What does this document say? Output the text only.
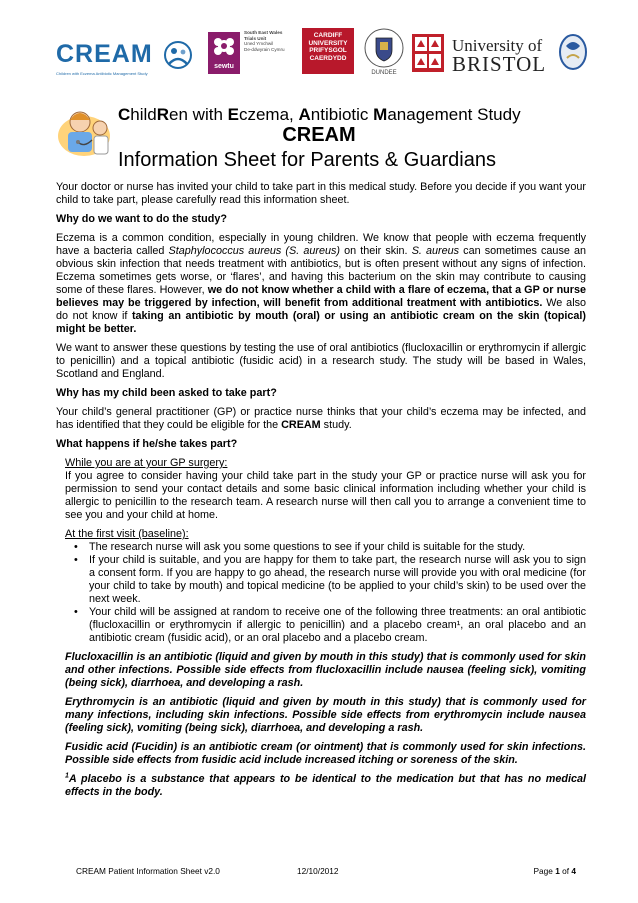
CREAM
Children with Eczema Antibiotic Management Study
sewtu
South East Wales
Trials Unit
Uned Ymchwil
De-ddwyrain Cymru
CARDIFF
UNIVERSITY
PRIFYSGOL
CAERDYDD
DUNDEE
University of
BRISTOL
ChildRen with Eczema, Antibiotic Management Study
CREAM
Information Sheet for Parents & Guardians

Your doctor or nurse has invited your child to take part in this medical study. Before you decide if you want your child to take part, please carefully read this information sheet.

Why do we want to do the study?

Eczema is a common condition, especially in young children. We know that people with eczema frequently have a bacteria called Staphylococcus aureus (S. aureus) on their skin. S. aureus can sometimes cause an obvious skin infection that needs treatment with antibiotics, but is often present without any signs of infection. Eczema sometimes gets worse, or ‘flares’, and having this bacterium on the skin may contribute to causing some of these flares. However, we do not know whether a child with a flare of eczema, that a GP or nurse believes may be triggered by infection, will benefit from additional treatment with antibiotics. We also do not know if taking an antibiotic by mouth (oral) or using an antibiotic cream on the skin (topical) might be better.

We want to answer these questions by testing the use of oral antibiotics (flucloxacillin or erythromycin if allergic to penicillin) and a topical antibiotic (fusidic acid) in a research study. The study will be based in Wales, Scotland and England.

Why has my child been asked to take part?

Your child’s general practitioner (GP) or practice nurse thinks that your child’s eczema may be infected, and has identified that they could be eligible for the CREAM study.

What happens if he/she takes part?

While you are at your GP surgery:

If you agree to consider having your child take part in the study your GP or practice nurse will ask you for permission to send your contact details and some basic clinical information including whether your child is allergic to penicillin to the research team. A research nurse will then call you to arrange a convenient time to see you and your child at home.

At the first visit (baseline):

• The research nurse will ask you some questions to see if your child is suitable for the study.
• If your child is suitable, and you are happy for them to take part, the research nurse will ask you to sign a consent form. If you are happy to go ahead, the research nurse will provide you with oral medicine (for your child to take by mouth) and topical medicine (to be applied to your child’s skin) to be used over the next week.
• Your child will be assigned at random to receive one of the following three treatments: an oral antibiotic (flucloxacillin or erythromycin if allergic to penicillin) and a placebo cream¹, an oral placebo and an antibiotic cream (fusidic acid), or an oral placebo and a placebo cream.

Flucloxacillin is an antibiotic (liquid and given by mouth in this study) that is commonly used for skin and other infections. Possible side effects from flucloxacillin include nausea (feeling sick), vomiting (being sick), diarrhoea, and developing a rash.

Erythromycin is an antibiotic (liquid and given by mouth in this study) that is commonly used for many infections, including skin infections. Possible side effects from erythromycin include nausea (feeling sick), vomiting (being sick), diarrhoea, and developing a rash.

Fusidic acid (Fucidin) is an antibiotic cream (or ointment) that is commonly used for skin infections. Possible side effects from fusidic acid include increased itching or soreness of the skin.

$^1$A placebo is a substance that appears to be identical to the medication but that has no medical effects in the body.

CREAM Patient Information Sheet v2.0	12/10/2012	Page 1 of 4
